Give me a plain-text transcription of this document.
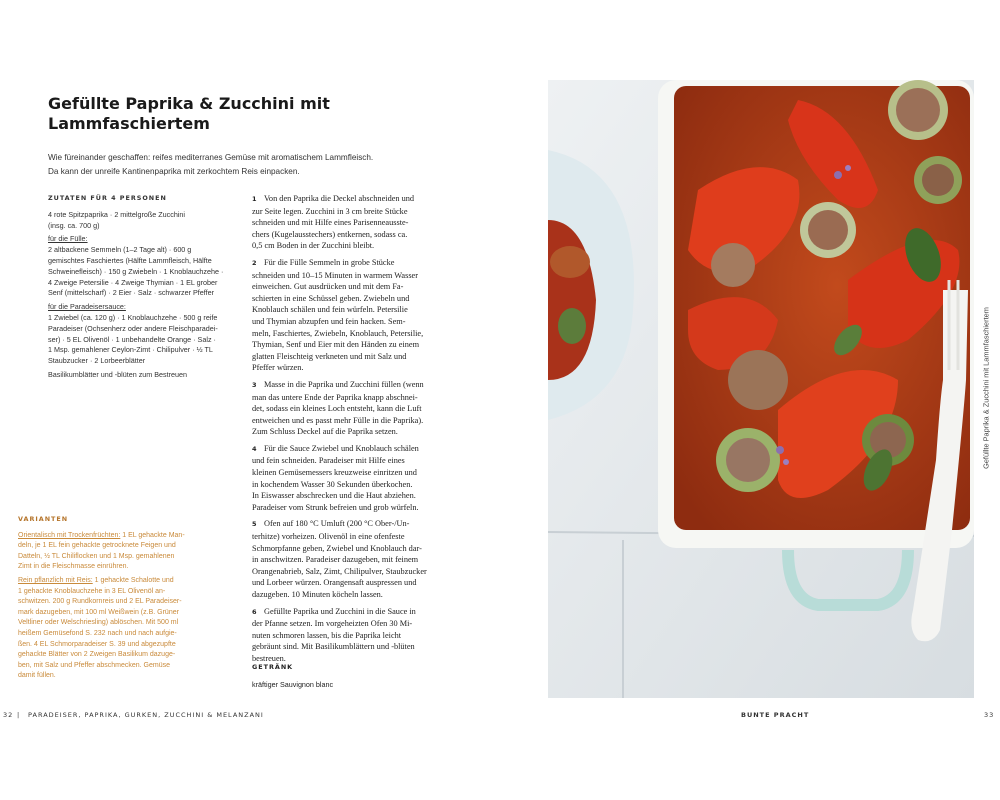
Gefüllte Paprika & Zucchini mit
Lammfaschiertem
Wie füreinander geschaffen: reifes mediterranes Gemüse mit aromatischem Lammfleisch.
Da kann der unreife Kantinenpaprika mit zerkochtem Reis einpacken.
ZUTATEN FÜR 4 PERSONEN
4 rote Spitzpaprika · 2 mittelgroße Zucchini
(insg. ca. 700 g)
für die Fülle:
2 altbackene Semmeln (1–2 Tage alt) · 600 g
gemischtes Faschiertes (Hälfte Lammfleisch, Hälfte
Schweinefleisch) · 150 g Zwiebeln · 1 Knoblauchzehe ·
4 Zweige Petersilie · 4 Zweige Thymian · 1 EL grober
Senf (mittelscharf) · 2 Eier · Salz · schwarzer Pfeffer
für die Paradeisersauce:
1 Zwiebel (ca. 120 g) · 1 Knoblauchzehe · 500 g reife
Paradeiser (Ochsenherz oder andere Fleischparadei-
ser) · 5 EL Olivenöl · 1 unbehandelte Orange · Salz ·
1 Msp. gemahlener Ceylon-Zimt · Chilipulver · ½ TL
Staubzucker · 2 Lorbeerblätter
Basilikumblätter und -blüten zum Bestreuen
1 Von den Paprika die Deckel abschneiden und
zur Seite legen. Zucchini in 3 cm breite Stücke
schneiden und mit Hilfe eines Parisenneausste-
chers (Kugelausstechers) entkernen, sodass ca.
0,5 cm Boden in der Zucchini bleibt.
2 Für die Fülle Semmeln in grobe Stücke
schneiden und 10–15 Minuten in warmem Wasser
einweichen. Gut ausdrücken und mit dem Fa-
schierten in eine Schüssel geben. Zwiebeln und
Knoblauch schälen und fein würfeln. Petersilie
und Thymian abzupfen und fein hacken. Sem-
meln, Faschiertes, Zwiebeln, Knoblauch, Petersilie,
Thymian, Senf und Eier mit den Händen zu einem
glatten Fleischteig verkneten und mit Salz und
Pfeffer würzen.
3 Masse in die Paprika und Zucchini füllen (wenn
man das untere Ende der Paprika knapp abschnei-
det, sodass ein kleines Loch entsteht, kann die Luft
entweichen und es passt mehr Fülle in die Paprika).
Zum Schluss Deckel auf die Paprika setzen.
4 Für die Sauce Zwiebel und Knoblauch schälen
und fein schneiden. Paradeiser mit Hilfe eines
kleinen Gemüsemessers kreuzweise einritzen und
in kochendem Wasser 30 Sekunden überkochen.
In Eiswasser abschrecken und die Haut abziehen.
Paradeiser vom Strunk befreien und grob würfeln.
5 Ofen auf 180 °C Umluft (200 °C Ober-/Un-
terhitze) vorheizen. Olivenöl in eine ofenfeste
Schmorpfanne geben, Zwiebel und Knoblauch dar-
in anschwitzen. Paradeiser dazugeben, mit feinem
Orangenabrieb, Salz, Zimt, Chilipulver, Staubzucker
und Lorbeer würzen. Orangensaft auspressen und
dazugeben. 10 Minuten köcheln lassen.
6 Gefüllte Paprika und Zucchini in die Sauce in
der Pfanne setzen. Im vorgeheizten Ofen 30 Mi-
nuten schmoren lassen, bis die Paprika leicht
gebräunt sind. Mit Basilikumblättern und -blüten
bestreuen.
GETRÄNK
kräftiger Sauvignon blanc
VARIANTEN

Orientalisch mit Trockenfrüchten: 1 EL gehackte Man-
deln, je 1 EL fein gehackte getrocknete Feigen und
Datteln, ½ TL Chiliflocken und 1 Msp. gemahlenen
Zimt in die Fleischmasse einrühren.

Rein pflanzlich mit Reis: 1 gehackte Schalotte und
1 gehackte Knoblauchzehe in 3 EL Olivenöl an-
schwitzen. 200 g Rundkornreis und 2 EL Paradeiser-
mark dazugeben, mit 100 ml Weißwein (z.B. Grüner
Veltliner oder Welschriesling) ablöschen. Mit 500 ml
heißem Gemüsefond S. 232 nach und nach aufgie-
ßen. 4 EL Schmorparadeiser S. 39 und abgezupfte
gehackte Blätter von 2 Zweigen Basilikum dazuge-
ben, mit Salz und Pfeffer abschmecken. Gemüse
damit füllen.

32 | PARADEISER, PAPRIKA, GURKEN, ZUCCHINI & MELANZANI	BUNTE PRACHT	33
Gefüllte Paprika & Zucchini mit Lammfaschiertem
